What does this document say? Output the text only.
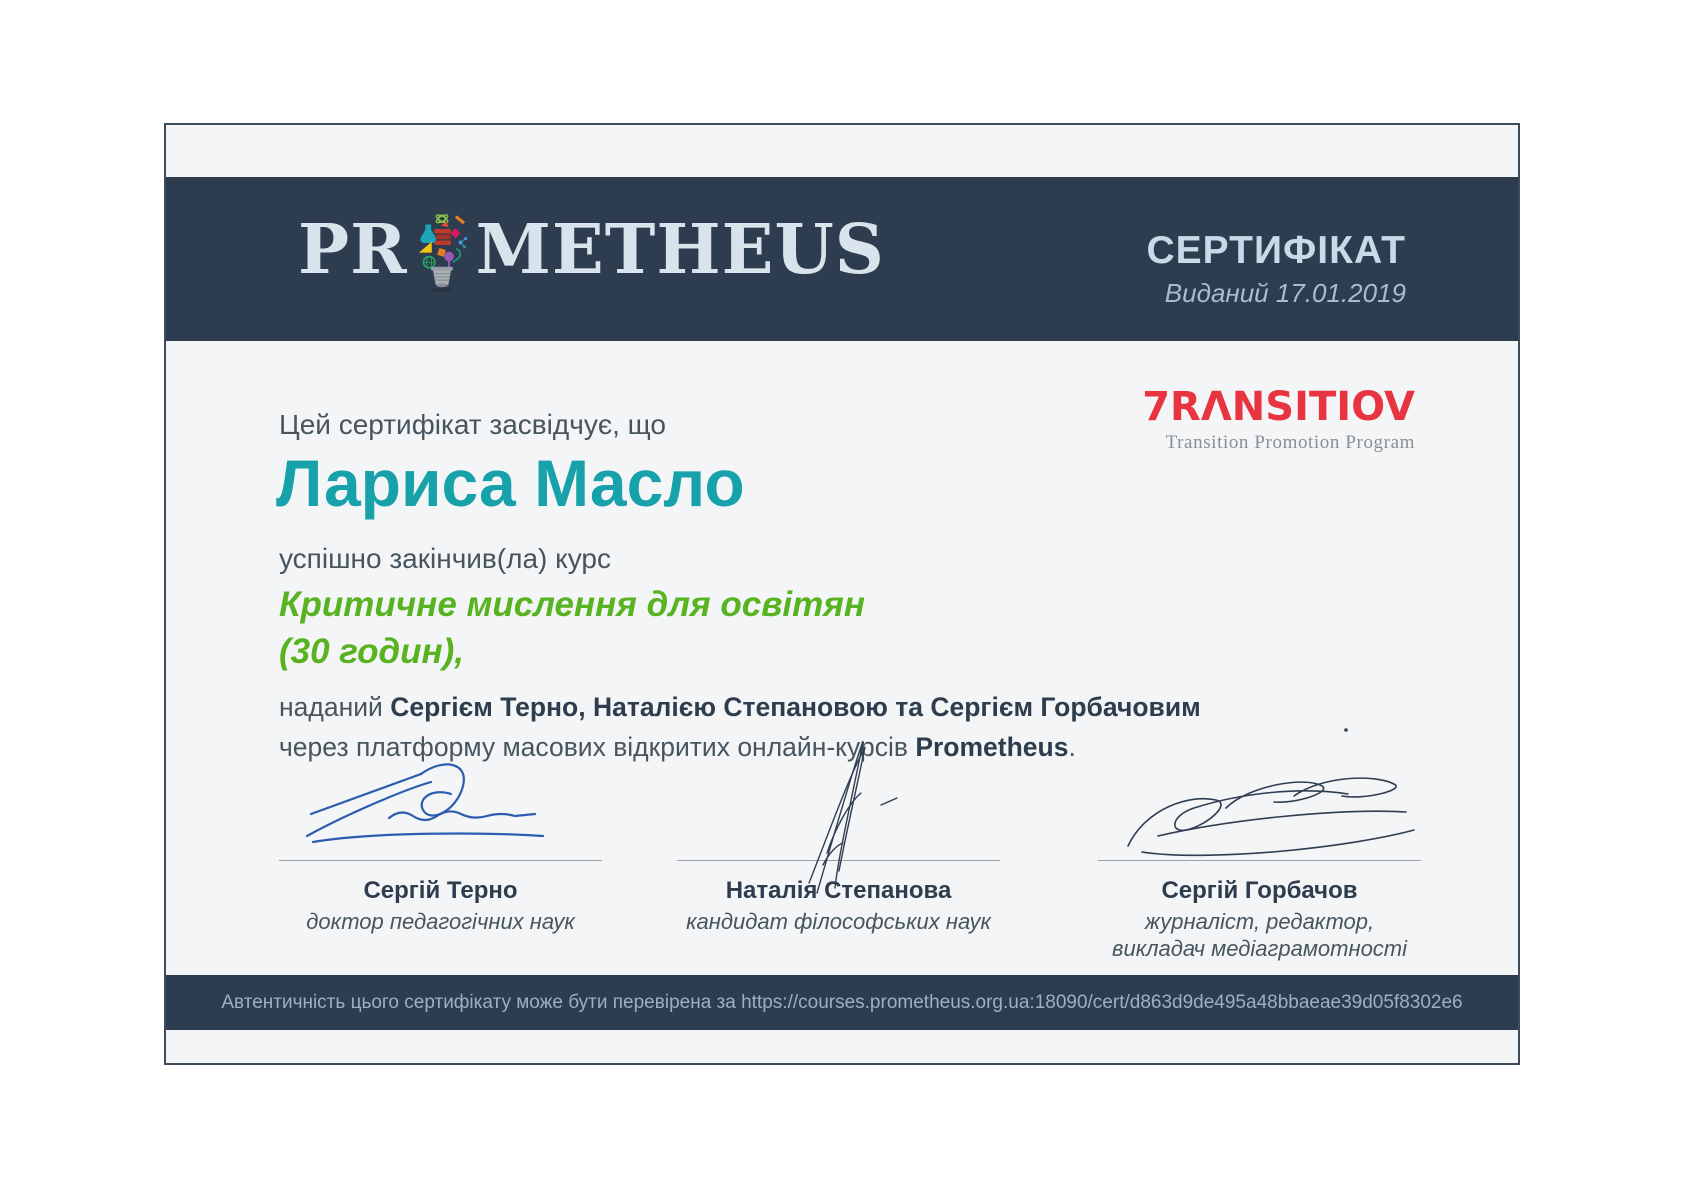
PR METHEUS	СЕРТИФІКАТ
Виданий 17.01.2019
7RΛNSITIOV
Transition Promotion Program
Цей сертифікат засвідчує, що
Лариса Масло
успішно закінчив(ла) курс
Критичне мислення для освітян
(30 годин),
наданий Сергієм Терно, Наталією Степановою та Сергієм Горбачовим
через платформу масових відкритих онлайн-курсів Prometheus.
Сергій Терно
доктор педагогічних наук
Наталія Степанова
кандидат філософських наук
Сергій Горбачов
журналіст, редактор, викладач медіаграмотності
Автентичність цього сертифікату може бути перевірена за https://courses.prometheus.org.ua:18090/cert/d863d9de495a48bbaeae39d05f8302e6
